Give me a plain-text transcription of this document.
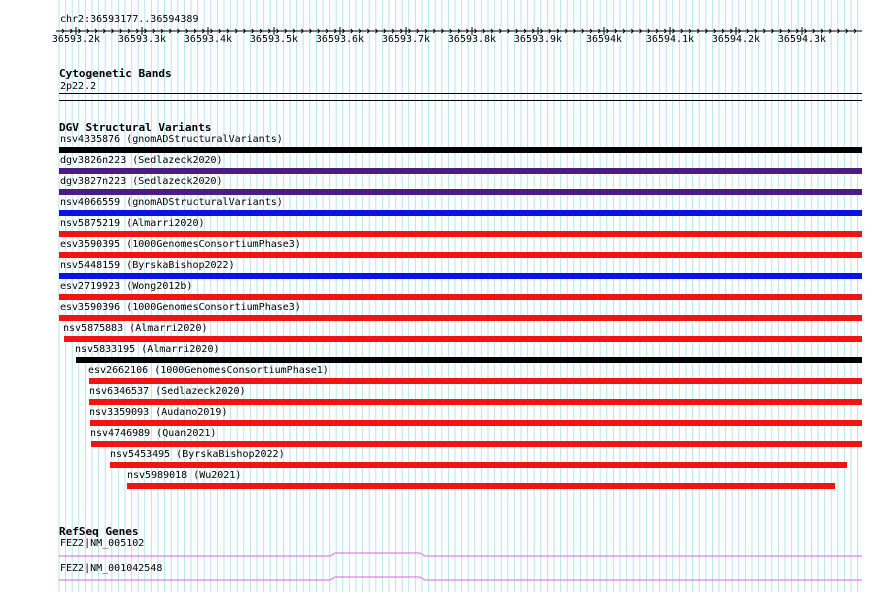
chr2:36593177..36594389
36593.2k 36593.3k 36593.4k 36593.5k 36593.6k 36593.7k 36593.8k 36593.9k 36594k 36594.1k 36594.2k 36594.3k
Cytogenetic Bands
2p22.2
DGV Structural Variants
nsv4335876 (gnomADStructuralVariants)
dgv3826n223 (Sedlazeck2020)
dgv3827n223 (Sedlazeck2020)
nsv4066559 (gnomADStructuralVariants)
nsv5875219 (Almarri2020)
esv3590395 (1000GenomesConsortiumPhase3)
nsv5448159 (ByrskaBishop2022)
esv2719923 (Wong2012b)
esv3590396 (1000GenomesConsortiumPhase3)
nsv5875883 (Almarri2020)
nsv5833195 (Almarri2020)
esv2662106 (1000GenomesConsortiumPhase1)
nsv6346537 (Sedlazeck2020)
nsv3359093 (Audano2019)
nsv4746989 (Quan2021)
nsv5453495 (ByrskaBishop2022)
nsv5989018 (Wu2021)
RefSeq Genes
FEZ2|NM_005102
FEZ2|NM_001042548
